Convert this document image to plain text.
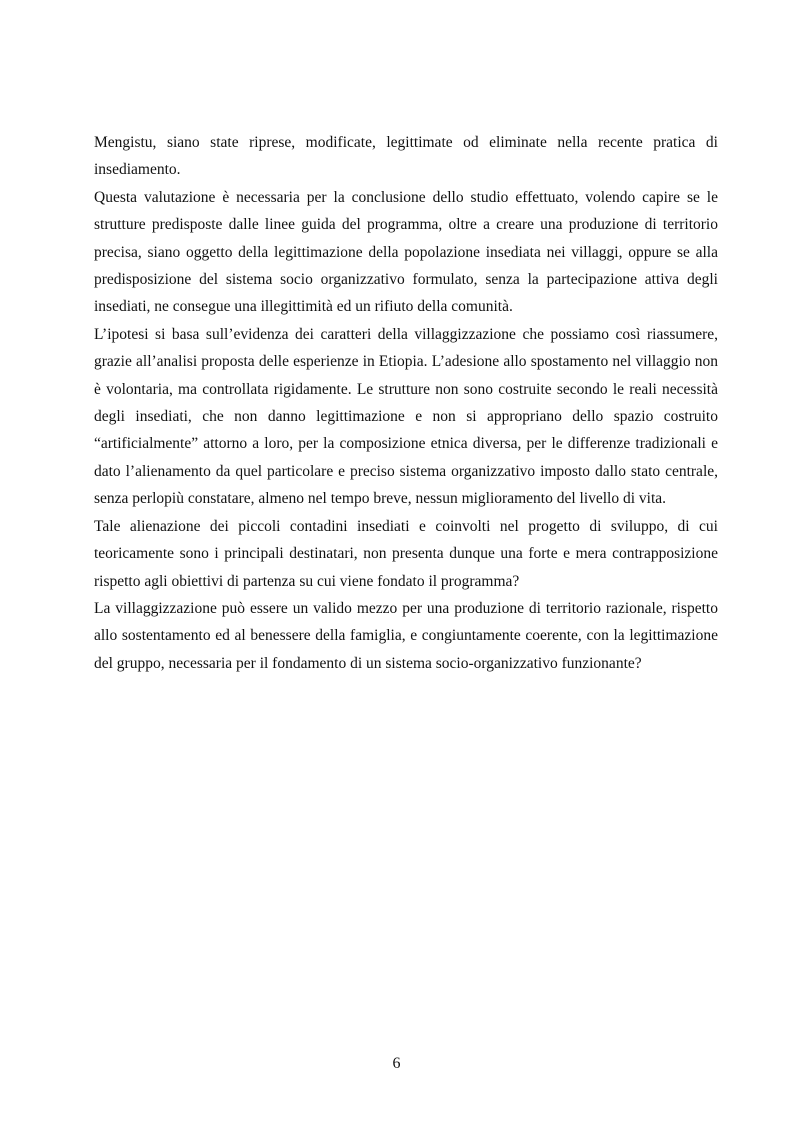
Mengistu, siano state riprese, modificate, legittimate od eliminate nella recente pratica di insediamento.

Questa valutazione è necessaria per la conclusione dello studio effettuato, volendo capire se le strutture predisposte dalle linee guida del programma, oltre a creare una produzione di territorio precisa, siano oggetto della legittimazione della popolazione insediata nei villaggi, oppure se alla predisposizione del sistema socio organizzativo formulato, senza la partecipazione attiva degli insediati, ne consegue una illegittimità ed un rifiuto della comunità.

L’ipotesi si basa sull’evidenza dei caratteri della villaggizzazione che possiamo così riassumere, grazie all’analisi proposta delle esperienze in Etiopia. L’adesione allo spostamento nel villaggio non è volontaria, ma controllata rigidamente. Le strutture non sono costruite secondo le reali necessità degli insediati, che non danno legittimazione e non si appropriano dello spazio costruito “artificialmente” attorno a loro, per la composizione etnica diversa, per le differenze tradizionali e dato l’alienamento da quel particolare e preciso sistema organizzativo imposto dallo stato centrale, senza perlopiù constatare, almeno nel tempo breve, nessun miglioramento del livello di vita.

Tale alienazione dei piccoli contadini insediati e coinvolti nel progetto di sviluppo, di cui teoricamente sono i principali destinatari, non presenta dunque una forte e mera contrapposizione rispetto agli obiettivi di partenza su cui viene fondato il programma?

La villaggizzazione può essere un valido mezzo per una produzione di territorio razionale, rispetto allo sostentamento ed al benessere della famiglia, e congiuntamente coerente, con la legittimazione del gruppo, necessaria per il fondamento di un sistema socio-organizzativo funzionante?

6
